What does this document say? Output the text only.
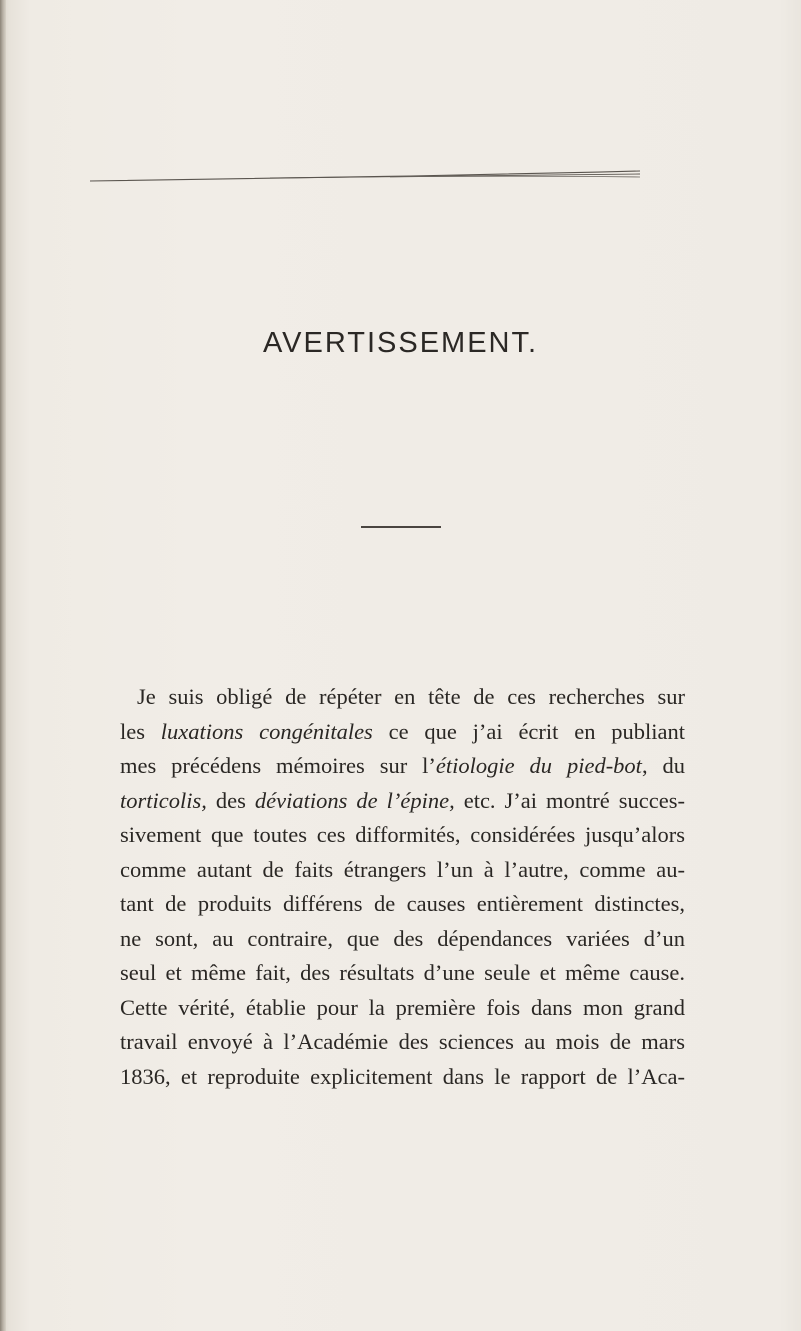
AVERTISSEMENT.
Je suis obligé de répéter en tête de ces recherches sur
les luxations congénitales ce que j’ai écrit en publiant
mes précédens mémoires sur l’étiologie du pied-bot, du
torticolis, des déviations de l’épine, etc. J’ai montré succes-
sivement que toutes ces difformités, considérées jusqu’alors
comme autant de faits étrangers l’un à l’autre, comme au-
tant de produits différens de causes entièrement distinctes,
ne sont, au contraire, que des dépendances variées d’un
seul et même fait, des résultats d’une seule et même cause.
Cette vérité, établie pour la première fois dans mon grand
travail envoyé à l’Académie des sciences au mois de mars
1836, et reproduite explicitement dans le rapport de l’Aca-
